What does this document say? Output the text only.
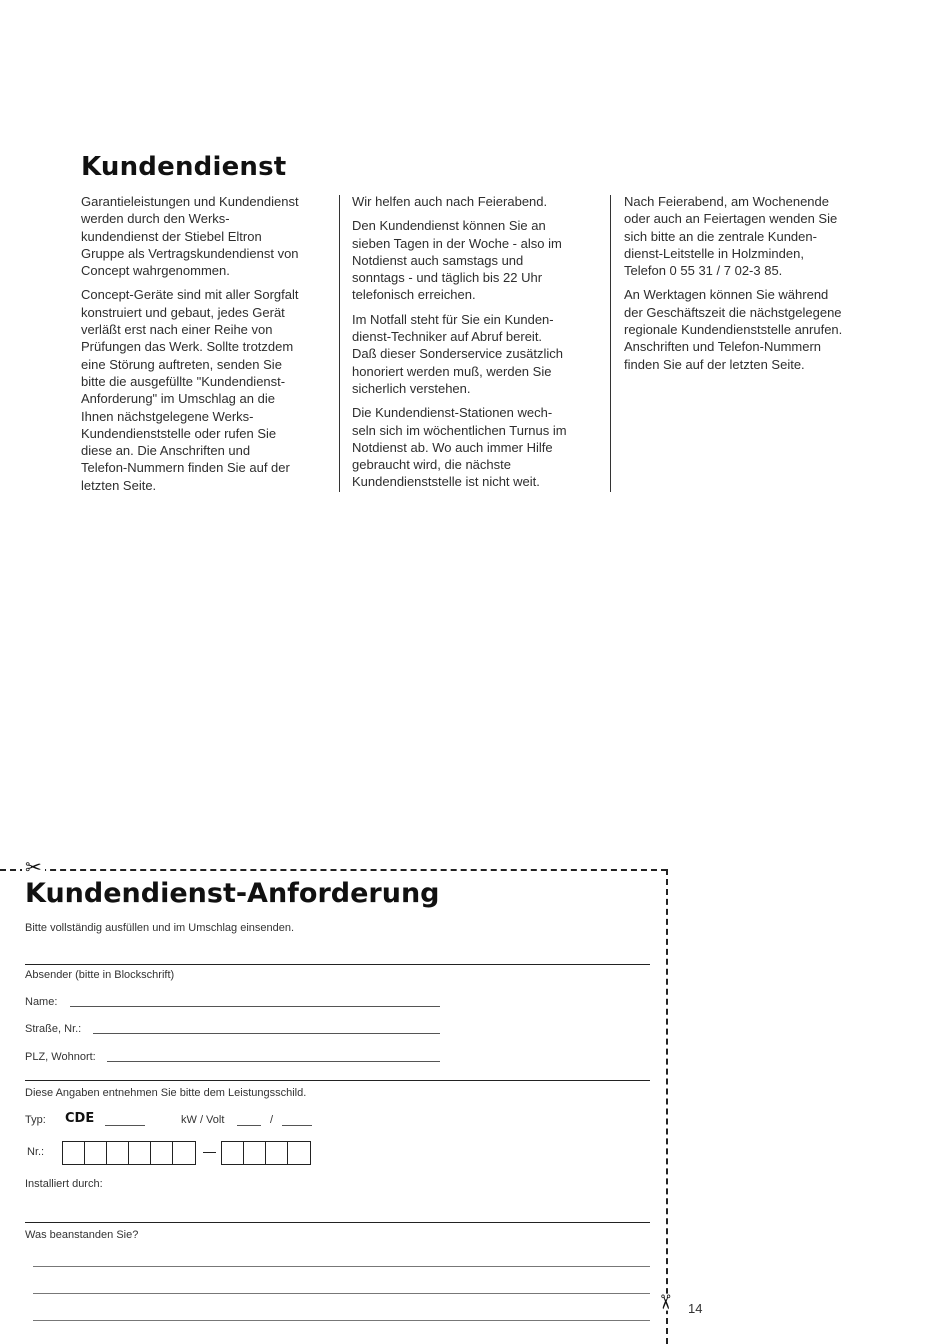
Kundendienst

Garantieleistungen und Kundendienst
werden durch den Werks-
kundendienst der Stiebel Eltron
Gruppe als Vertragskundendienst von
Concept wahrgenommen.

Concept-Geräte sind mit aller Sorgfalt
konstruiert und gebaut, jedes Gerät
verläßt erst nach einer Reihe von
Prüfungen das Werk. Sollte trotzdem
eine Störung auftreten, senden Sie
bitte die ausgefüllte "Kundendienst-
Anforderung" im Umschlag an die
Ihnen nächstgelegene Werks-
Kundendienststelle oder rufen Sie
diese an. Die Anschriften und
Telefon-Nummern finden Sie auf der
letzten Seite.

Wir helfen auch nach Feierabend.

Den Kundendienst können Sie an
sieben Tagen in der Woche - also im
Notdienst auch samstags und
sonntags - und täglich bis 22 Uhr
telefonisch erreichen.

Im Notfall steht für Sie ein Kunden-
dienst-Techniker auf Abruf bereit.
Daß dieser Sonderservice zusätzlich
honoriert werden muß, werden Sie
sicherlich verstehen.

Die Kundendienst-Stationen wech-
seln sich im wöchentlichen Turnus im
Notdienst ab. Wo auch immer Hilfe
gebraucht wird, die nächste
Kundendienststelle ist nicht weit.

Nach Feierabend, am Wochenende
oder auch an Feiertagen wenden Sie
sich bitte an die zentrale Kunden-
dienst-Leitstelle in Holzminden,
Telefon 0 55 31 / 7 02-3 85.

An Werktagen können Sie während
der Geschäftszeit die nächstgelegene
regionale Kundendienststelle anrufen.
Anschriften und Telefon-Nummern
finden Sie auf der letzten Seite.

✂
✂ 14
Kundendienst-Anforderung
Bitte vollständig ausfüllen und im Umschlag einsenden.
Absender (bitte in Blockschrift)
Name:
Straße, Nr.:
PLZ, Wohnort:
Diese Angaben entnehmen Sie bitte dem Leistungsschild.
Typ: CDE	kW / Volt	/
Nr.:
Installiert durch:
Was beanstanden Sie?
